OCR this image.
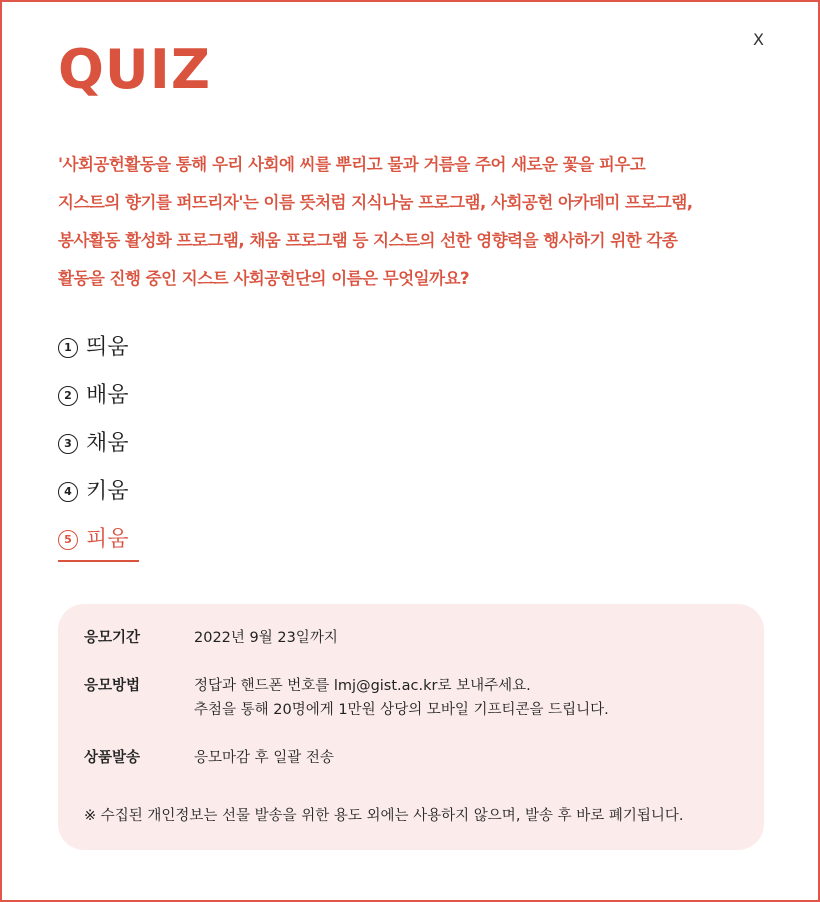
X
QUIZ
'사회공헌활동을 통해 우리 사회에 씨를 뿌리고 물과 거름을 주어 새로운 꽃을 피우고
지스트의 향기를 퍼뜨리자'는 이름 뜻처럼 지식나눔 프로그램, 사회공헌 아카데미 프로그램,
봉사활동 활성화 프로그램, 채움 프로그램 등 지스트의 선한 영향력을 행사하기 위한 각종
활동을 진행 중인 지스트 사회공헌단의 이름은 무엇일까요?
1 띄움
2 배움
3 채움
4 키움
5 피움
응모기간	2022년 9월 23일까지
응모방법	정답과 핸드폰 번호를 lmj@gist.ac.kr로 보내주세요.
추첨을 통해 20명에게 1만원 상당의 모바일 기프티콘을 드립니다.
상품발송	응모마감 후 일괄 전송
※ 수집된 개인정보는 선물 발송을 위한 용도 외에는 사용하지 않으며, 발송 후 바로 폐기됩니다.
